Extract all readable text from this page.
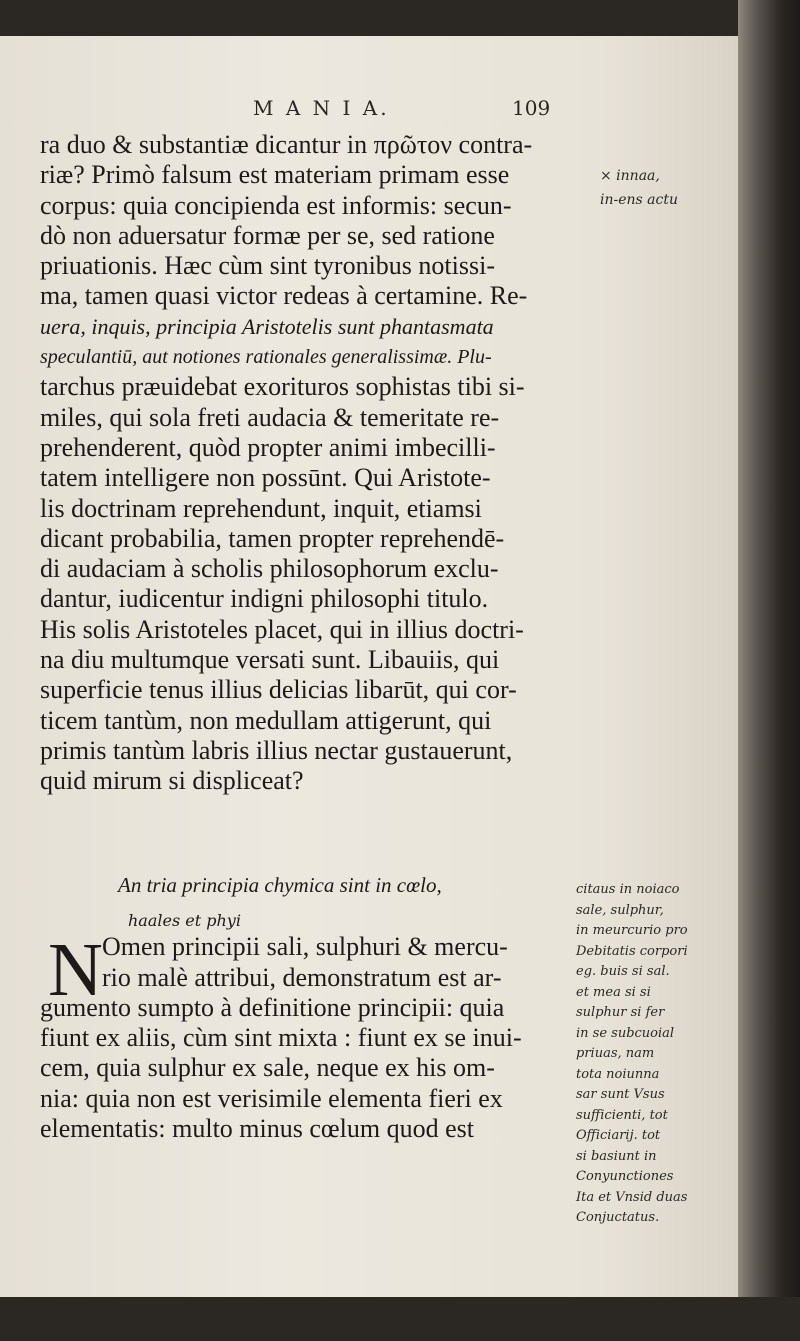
M A N I A.	109
× innaa,
in-ens actu
ra duo & substantiæ dicantur in πρῶτον contra-
riæ? Primò falsum est materiam primam esse
corpus: quia concipienda est informis: secun-
dò non aduersatur formæ per se, sed ratione
priuationis. Hæc cùm sint tyronibus notissi-
ma, tamen quasi victor redeas à certamine. Re-
uera, inquis, principia Aristotelis sunt phantasmata
speculantiū, aut notiones rationales generalissimæ. Plu-
tarchus præuidebat exorituros sophistas tibi si-
miles, qui sola freti audacia & temeritate re-
prehenderent, quòd propter animi imbecilli-
tatem intelligere non possūnt. Qui Aristote-
lis doctrinam reprehendunt, inquit, etiamsi
dicant probabilia, tamen propter reprehendē-
di audaciam à scholis philosophorum exclu-
dantur, iudicentur indigni philosophi titulo.
His solis Aristoteles placet, qui in illius doctri-
na diu multumque versati sunt. Libauiis, qui
superficie tenus illius delicias libarūt, qui cor-
ticem tantùm, non medullam attigerunt, qui
primis tantùm labris illius nectar gustauerunt,
quid mirum si displiceat?
An tria principia chymica sint in cœlo,
haales et phyi
N Omen principii sali, sulphuri & mercu-
rio malè attribui, demonstratum est ar-
gumento sumpto à definitione principii: quia
fiunt ex aliis, cùm sint mixta : fiunt ex se inui-
cem, quia sulphur ex sale, neque ex his om-
nia: quia non est verisimile elementa fieri ex
elementatis: multo minus cœlum quod est
citaus in noiaco
sale, sulphur,
in meurcurio pro
Debitatis corpori
eg. buis si sal.
et mea si si
sulphur si fer
in se subcuoial
priuas, nam
tota noiunna
sar sunt Vsus
sufficienti, tot
Officiarij. tot
si basiunt in
Conyunctiones
Ita et Vnsid duas
Conjuctatus.
